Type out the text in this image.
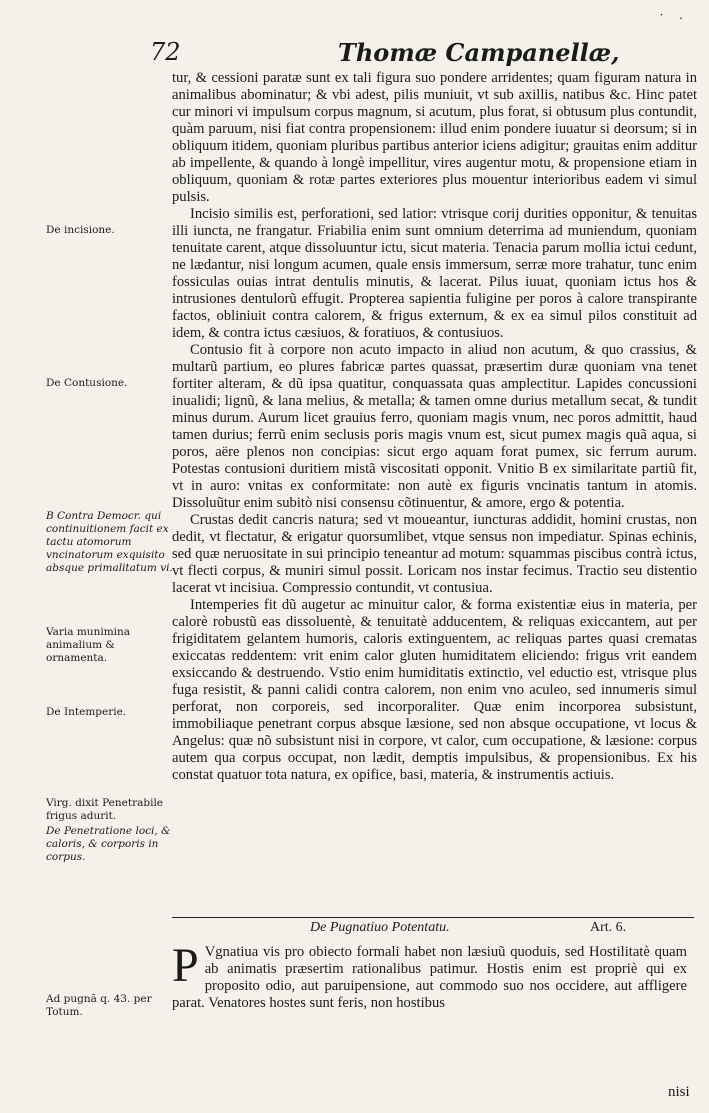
· .
72	Thomæ Campanellæ,
De incisione.
De Contusione.
B Contra Democr. qui continuitionem facit ex tactu atomorum vncinatorum exquisito absque primalitatum vi.
Varia munimina animalium & ornamenta.
De Intemperie.
Virg. dixit Penetrabile frigus adurit.
De Penetratione loci, & caloris, & corporis in corpus.
Ad pugnã q. 43. per Totum.

tur, & cessioni paratæ sunt ex tali figura suo pondere arridentes; quam figuram natura in animalibus abominatur; & vbi adest, pilis muniuit, vt sub axillis, natibus &c. Hinc patet cur minori vi impulsum corpus magnum, si acutum, plus forat, si obtusum plus contundit, quàm paruum, nisi fiat contra propensionem: illud enim pondere iuuatur si deorsum; si in obliquum itidem, quoniam pluribus partibus anterior iciens adigitur; grauitas enim additur ab impellente, & quando à longè impellitur, vires augentur motu, & propensione etiam in obliquum, quoniam & rotæ partes exteriores plus mouentur interioribus eadem vi simul pulsis.

Incisio similis est, perforationi, sed latior: vtrisque corij durities opponitur, & tenuitas illi iuncta, ne frangatur. Friabilia enim sunt omnium deterrima ad muniendum, quoniam tenuitate carent, atque dissoluuntur ictu, sicut materia. Tenacia parum mollia ictui cedunt, ne lædantur, nisi longum acumen, quale ensis immersum, serræ more trahatur, tunc enim fossiculas ouias intrat dentulis minutis, & lacerat. Pilus iuuat, quoniam ictus hos & intrusiones dentulorũ effugit. Propterea sapientia fuligine per poros à calore transpirante factos, obliniuit contra calorem, & frigus externum, & ex ea simul pilos constituit ad idem, & contra ictus cæsiuos, & foratiuos, & contusiuos.

Contusio fit à corpore non acuto impacto in aliud non acutum, & quo crassius, & multarũ partium, eo plures fabricæ partes quassat, præsertim duræ quoniam vna tenet fortiter alteram, & dũ ipsa quatitur, conquassata quas amplectitur. Lapides concussioni inualidi; lignũ, & lana melius, & metalla; & tamen omne durius metallum secat, & tundit minus durum. Aurum licet grauius ferro, quoniam magis vnum, nec poros admittit, haud tamen durius; ferrũ enim seclusis poris magis vnum est, sicut pumex magis quã aqua, si poros, aëre plenos non concipias: sicut ergo aquam forat pumex, sic ferrum aurum. Potestas contusioni duritiem mistã viscositati opponit. Vnitio B ex similaritate partiũ fit, vt in auro: vnitas ex conformitate: non autè ex figuris vncinatis tantum in atomis. Dissoluũtur enim subitò nisi consensu cõtinuentur, & amore, ergo & potentia.

Crustas dedit cancris natura; sed vt moueantur, iuncturas addidit, homini crustas, non dedit, vt flectatur, & erigatur quorsumlibet, vtque sensus non impediatur. Spinas echinis, sed quæ neruositate in sui principio teneantur ad motum: squammas piscibus contrà ictus, vt flecti corpus, & muniri simul possit. Loricam nos instar fecimus. Tractio seu distentio lacerat vt incisiua. Compressio contundit, vt contusiua.

Intemperies fit dũ augetur ac minuitur calor, & forma existentiæ eius in materia, per calorè robustũ eas dissoluentè, & tenuitatè adducentem, & reliquas exiccantem, aut per frigiditatem gelantem humoris, caloris extinguentem, ac reliquas partes quasi crematas exiccatas reddentem: vrit enim calor gluten humiditatem eliciendo: frigus vrit eandem exsiccando & destruendo. Vstio enim humiditatis extinctio, vel eductio est, vtrisque plus fuga resistit, & panni calidi contra calorem, non enim vno aculeo, sed innumeris simul perforat, non corporeis, sed incorporaliter. Quæ enim incorporea subsistunt, immobiliaque penetrant corpus absque læsione, sed non absque occupatione, vt locus & Angelus: quæ nõ subsistunt nisi in corpore, vt calor, cum occupatione, & læsione: corpus autem qua corpus occupat, non lædit, demptis impulsibus, & propensionibus. Ex his constat quatuor tota natura, ex opifice, basi, materia, & instrumentis actiuis.

De Pugnatiuo Potentatu.	Art. 6.
P Vgnatiua vis pro obiecto formali habet non læsiuũ quoduis, sed Hostilitatè quam ab animatis præsertim rationalibus patimur. Hostis enim est propriè qui ex proposito odio, aut paruipensione, aut commodo suo nos occidere, aut affligere parat. Venatores hostes sunt feris, non hostibus
nisi
